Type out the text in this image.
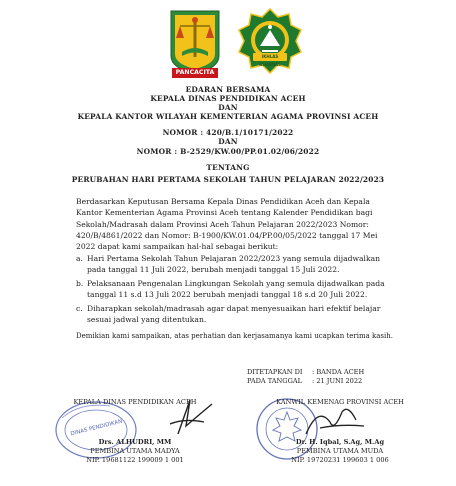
PANCACITA
IKHLAS BERAMAL
EDARAN BERSAMA
KEPALA DINAS PENDIDIKAN ACEH
DAN
KEPALA KANTOR WILAYAH KEMENTERIAN AGAMA PROVINSI ACEH
NOMOR : 420/B.1/10171/2022
DAN
NOMOR : B-2529/KW.00/PP.01.02/06/2022
TENTANG
PERUBAHAN HARI PERTAMA SEKOLAH TAHUN PELAJARAN 2022/2023
Berdasarkan Keputusan Bersama Kepala Dinas Pendidikan Aceh dan Kepala
Kantor Kementerian Agama Provinsi Aceh tentang Kalender Pendidikan bagi
Sekolah/Madrasah dalam Provinsi Aceh Tahun Pelajaran 2022/2023 Nomor:
420/B/4861/2022 dan Nomor: B-1900/KW.01.04/PP.00/05/2022 tanggal 17 Mei
2022 dapat kami sampaikan hal-hal sebagai berikut:
a. Hari Pertama Sekolah Tahun Pelajaran 2022/2023 yang semula dijadwalkan
pada tanggal 11 Juli 2022, berubah menjadi tanggal 15 Juli 2022.
b. Pelaksanaan Pengenalan Lingkungan Sekolah yang semula dijadwalkan pada
tanggal 11 s.d 13 Juli 2022 berubah menjadi tanggal 18 s.d 20 Juli 2022.
c. Diharapkan sekolah/madrasah agar dapat menyesuaikan hari efektif belajar
sesuai jadwal yang ditentukan.
Demikian kami sampaikan, atas perhatian dan kerjasamanya kami ucapkan terima kasih.
DITETAPKAN DI : BANDA ACEH
PADA TANGGAL : 21 JUNI 2022
DINAS PENDIDIKAN
KEPALA DINAS PENDIDIKAN ACEH
Drs. ALHUDRI, MM
PEMBINA UTAMA MADYA
NIP. 19681122 199009 1 001
KANWIL KEMENAG PROVINSI ACEH
Dr. H. Iqbal, S.Ag, M.Ag
PEMBINA UTAMA MUDA
NIP. 19720231 199603 1 006
